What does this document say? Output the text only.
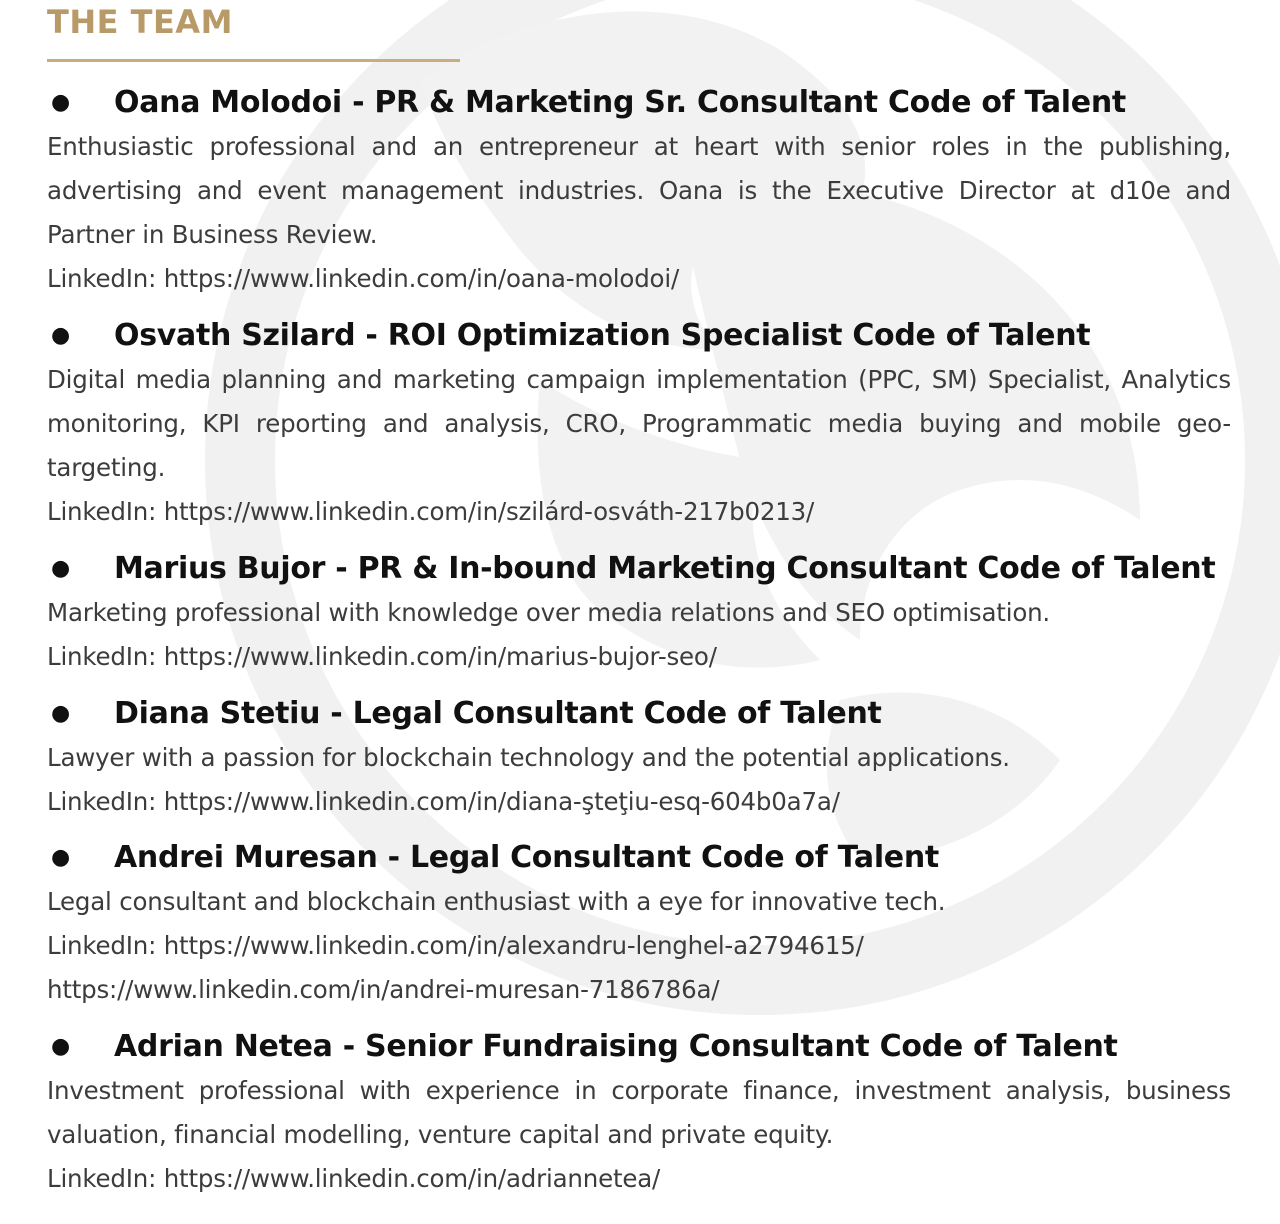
THE TEAM
●	Oana Molodoi - PR & Marketing Sr. Consultant Code of Talent

Enthusiastic professional and an entrepreneur at heart with senior roles in the publishing, advertising and event management industries. Oana is the Executive Director at d10e and Partner in Business Review.

LinkedIn: https://www.linkedin.com/in/oana-molodoi/
●	Osvath Szilard - ROI Optimization Specialist Code of Talent

Digital media planning and marketing campaign implementation (PPC, SM) Specialist, Analytics monitoring, KPI reporting and analysis, CRO, Programmatic media buying and mobile geo-targeting.

LinkedIn: https://www.linkedin.com/in/szilárd-osváth-217b0213/
●	Marius Bujor - PR & In-bound Marketing Consultant Code of Talent

Marketing professional with knowledge over media relations and SEO optimisation.

LinkedIn: https://www.linkedin.com/in/marius-bujor-seo/
●	Diana Stetiu - Legal Consultant Code of Talent

Lawyer with a passion for blockchain technology and the potential applications.

LinkedIn: https://www.linkedin.com/in/diana-şteţiu-esq-604b0a7a/
●	Andrei Muresan - Legal Consultant Code of Talent

Legal consultant and blockchain enthusiast with a eye for innovative tech.

LinkedIn: https://www.linkedin.com/in/alexandru-lenghel-a2794615/
https://www.linkedin.com/in/andrei-muresan-7186786a/
●	Adrian Netea - Senior Fundraising Consultant Code of Talent

Investment professional with experience in corporate finance, investment analysis, business valuation, financial modelling, venture capital and private equity.

LinkedIn: https://www.linkedin.com/in/adriannetea/
